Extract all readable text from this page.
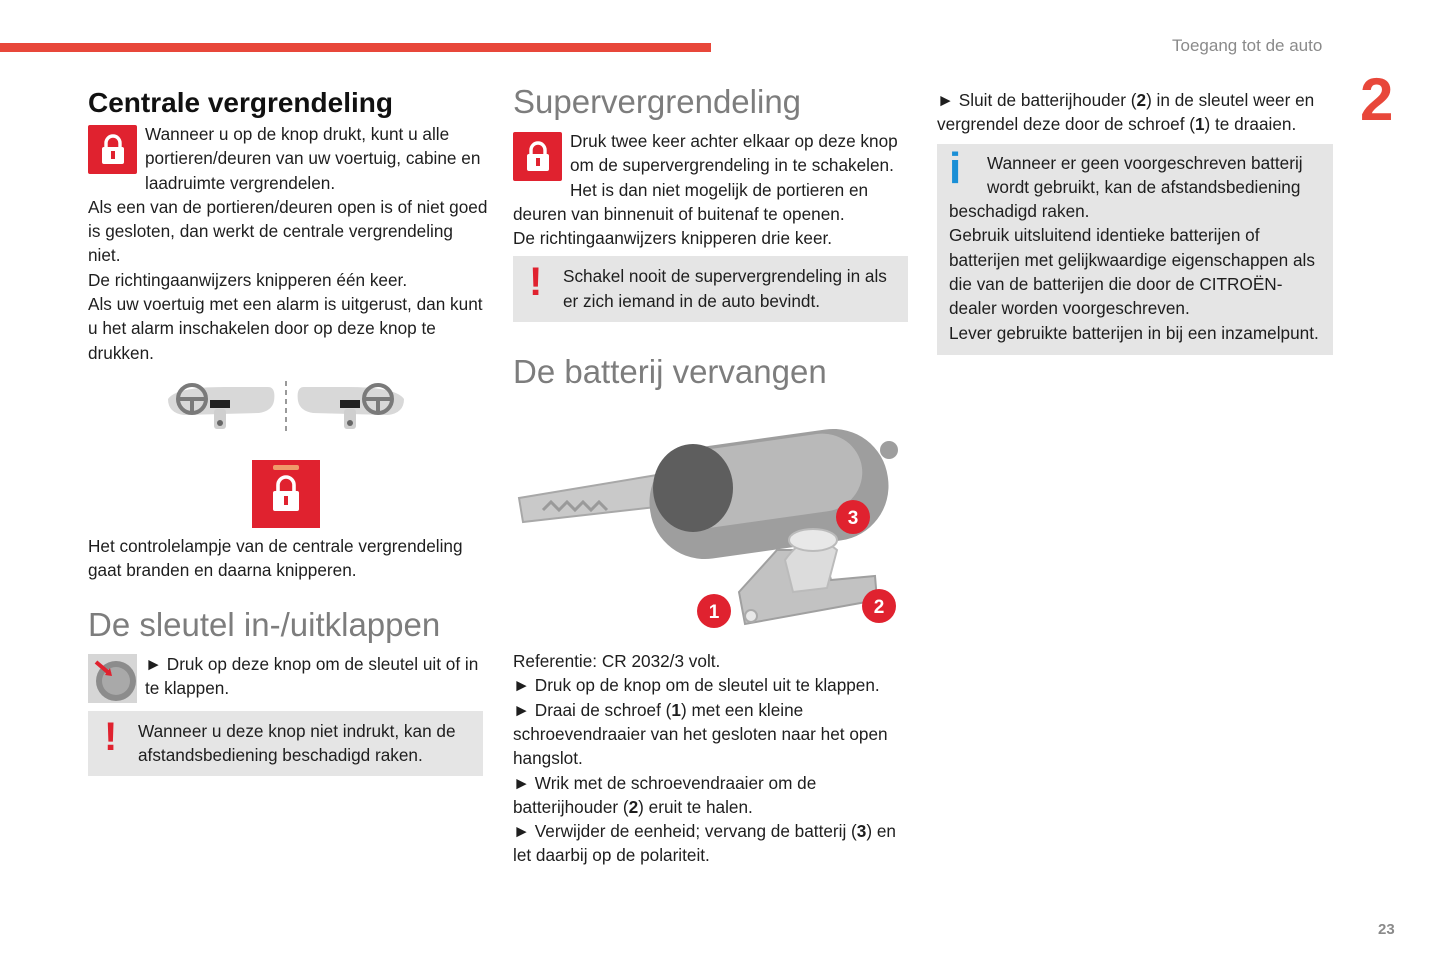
Toegang tot de auto
2
23
Centrale vergrendeling

Wanneer u op de knop drukt, kunt u alle portieren/deuren van uw voertuig, cabine en laadruimte vergrendelen.

Als een van de portieren/deuren open is of niet goed is gesloten, dan werkt de centrale vergrendeling niet.

De richtingaanwijzers knipperen één keer.

Als uw voertuig met een alarm is uitgerust, dan kunt u het alarm inschakelen door op deze knop te drukken.

Het controlelampje van de centrale vergrendeling gaat branden en daarna knipperen.

De sleutel in-/uitklappen

► Druk op deze knop om de sleutel uit of in te klappen.

! Wanneer u deze knop niet indrukt, kan de afstandsbediening beschadigd raken.

Supervergrendeling

Druk twee keer achter elkaar op deze knop om de supervergrendeling in te schakelen.

Het is dan niet mogelijk de portieren en deuren van binnenuit of buitenaf te openen.

De richtingaanwijzers knipperen drie keer.

! Schakel nooit de supervergrendeling in als er zich iemand in de auto bevindt.

De batterij vervangen
3
2
1

Referentie: CR 2032/3 volt.

► Druk op de knop om de sleutel uit te klappen.

► Draai de schroef (1) met een kleine schroevendraaier van het gesloten naar het open hangslot.

► Wrik met de schroevendraaier om de batterijhouder (2) eruit te halen.

► Verwijder de eenheid; vervang de batterij (3) en let daarbij op de polariteit.

► Sluit de batterijhouder (2) in de sleutel weer en vergrendel deze door de schroef (1) te draaien.

i	Wanneer er geen voorgeschreven batterij wordt gebruikt, kan de afstandsbediening beschadigd raken.

Gebruik uitsluitend identieke batterijen of batterijen met gelijkwaardige eigenschappen als die van de batterijen die door de CITROËN-dealer worden voorgeschreven.

Lever gebruikte batterijen in bij een inzamelpunt.
